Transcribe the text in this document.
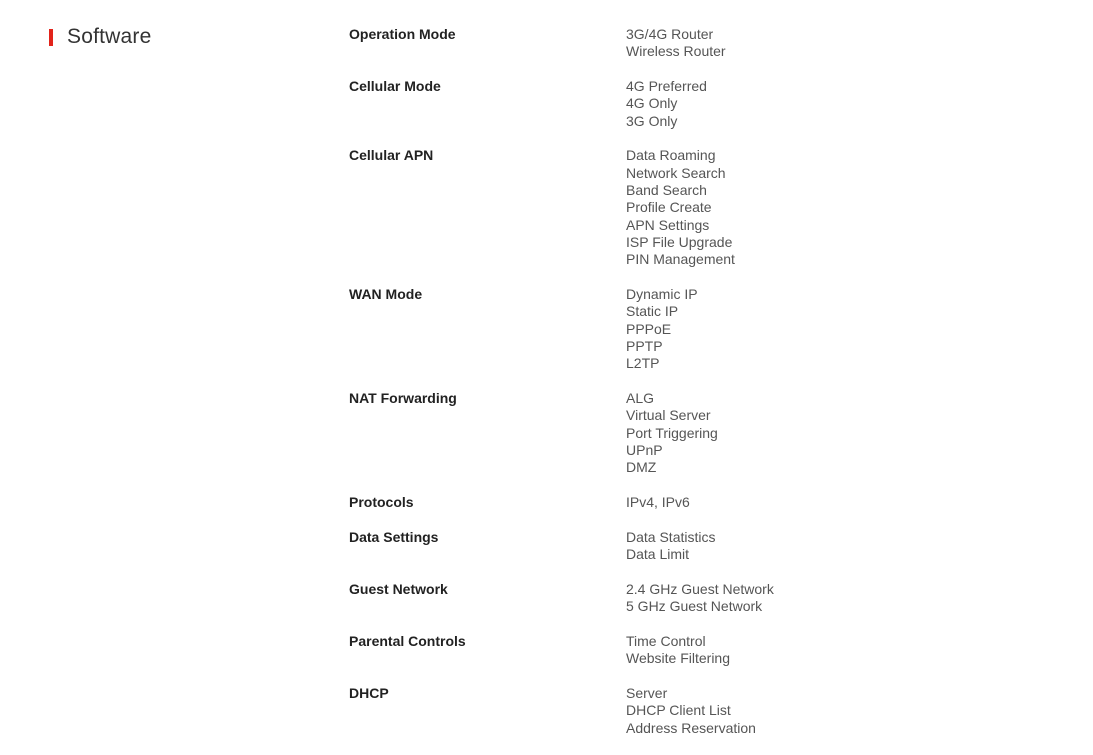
Software	Operation Mode	3G/4G Router
Wireless Router
Cellular Mode	4G Preferred
4G Only
3G Only
Cellular APN	Data Roaming
Network Search
Band Search
Profile Create
APN Settings
ISP File Upgrade
PIN Management
WAN Mode	Dynamic IP
Static IP
PPPoE
PPTP
L2TP
NAT Forwarding	ALG
Virtual Server
Port Triggering
UPnP
DMZ
Protocols	IPv4, IPv6
Data Settings	Data Statistics
Data Limit
Guest Network	2.4 GHz Guest Network
5 GHz Guest Network
Parental Controls	Time Control
Website Filtering
DHCP	Server
DHCP Client List
Address Reservation
